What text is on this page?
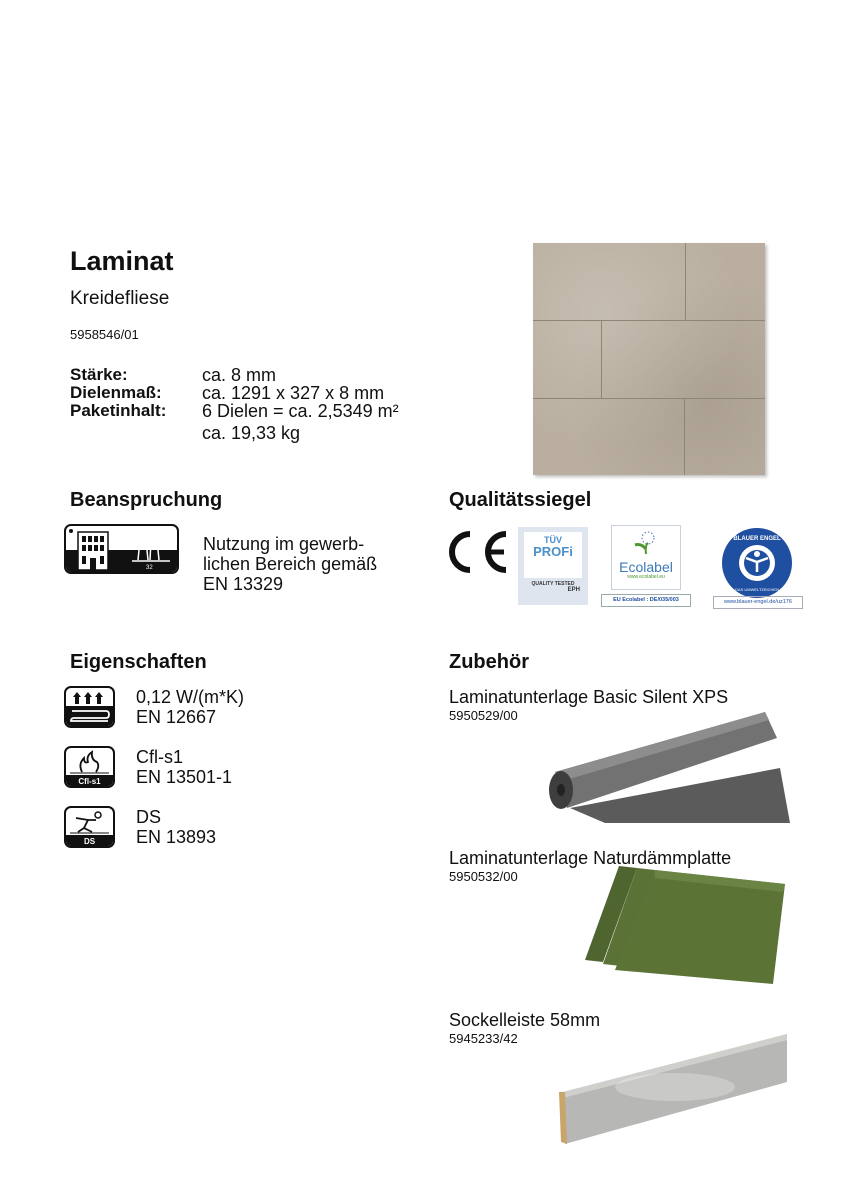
Laminat
Kreidefliese
5958546/01
Stärke:	ca. 8 mm
Dielenmaß:	ca. 1291 x 327 x 8 mm
Paketinhalt:	6 Dielen = ca. 2,5349 m²
ca. 19,33 kg
Beanspruchung
32
Nutzung im gewerb-
lichen Bereich gemäß
EN 13329
Qualitätssiegel
TÜV
PROFi
QUALITY TESTED
EPH
Ecolabel
www.ecolabel.eu
EU Ecolabel : DE/035/003
BLAUER ENGEL
DAS UMWELTZEICHEN
www.blauer-engel.de/uz176
Eigenschaften
0,12 W/(m*K)
EN 12667
Cfl-s1
Cfl-s1
EN 13501-1
DS
DS
EN 13893
Zubehör
Laminatunterlage Basic Silent XPS
5950529/00
Laminatunterlage Naturdämmplatte
5950532/00
Sockelleiste 58mm
5945233/42
